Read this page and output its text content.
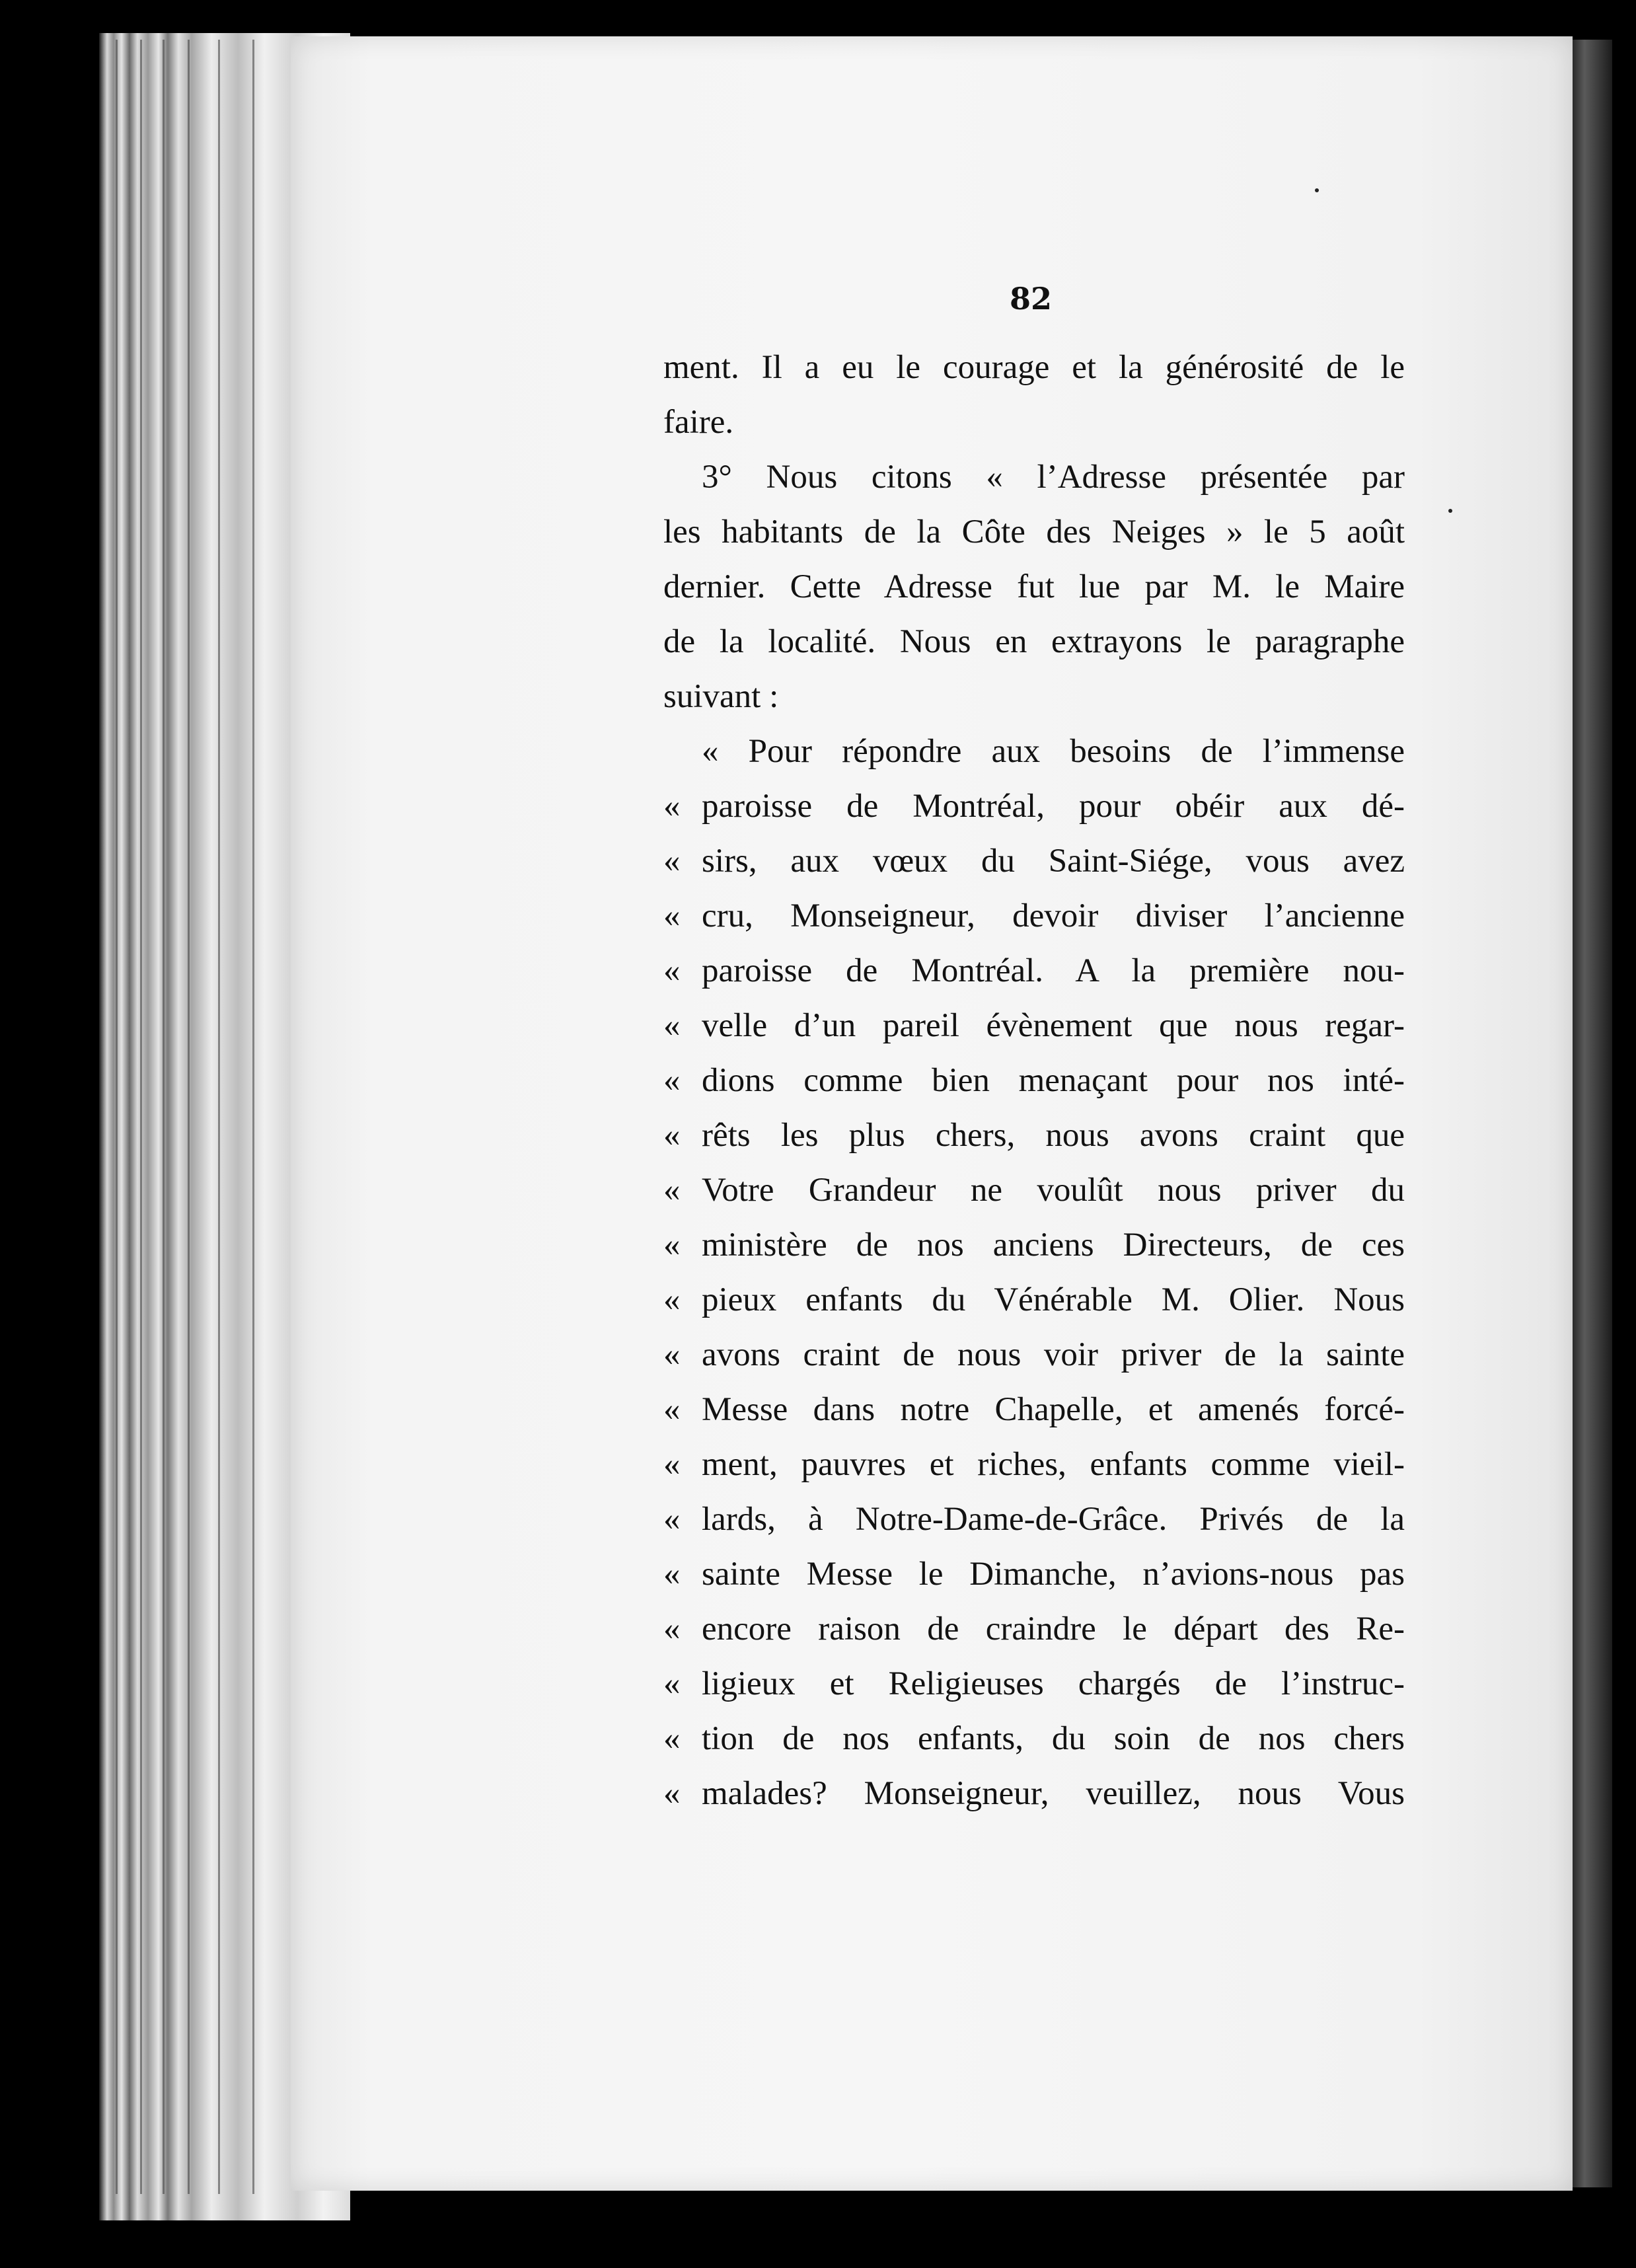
82
ment. Il a eu le courage et la générosité de le
faire.
3° Nous citons « l’Adresse présentée par
les habitants de la Côte des Neiges » le 5 août
dernier. Cette Adresse fut lue par M. le Maire
de la localité. Nous en extrayons le paragraphe
suivant :
« Pour répondre aux besoins de l’immense
« paroisse de Montréal, pour obéir aux dé-
« sirs, aux vœux du Saint-Siége, vous avez
« cru, Monseigneur, devoir diviser l’ancienne
« paroisse de Montréal. A la première nou-
« velle d’un pareil évènement que nous regar-
« dions comme bien menaçant pour nos inté-
« rêts les plus chers, nous avons craint que
« Votre Grandeur ne voulût nous priver du
« ministère de nos anciens Directeurs, de ces
« pieux enfants du Vénérable M. Olier. Nous
« avons craint de nous voir priver de la sainte
« Messe dans notre Chapelle, et amenés forcé-
« ment, pauvres et riches, enfants comme vieil-
« lards, à Notre-Dame-de-Grâce. Privés de la
« sainte Messe le Dimanche, n’avions-nous pas
« encore raison de craindre le départ des Re-
« ligieux et Religieuses chargés de l’instruc-
« tion de nos enfants, du soin de nos chers
« malades? Monseigneur, veuillez, nous Vous
